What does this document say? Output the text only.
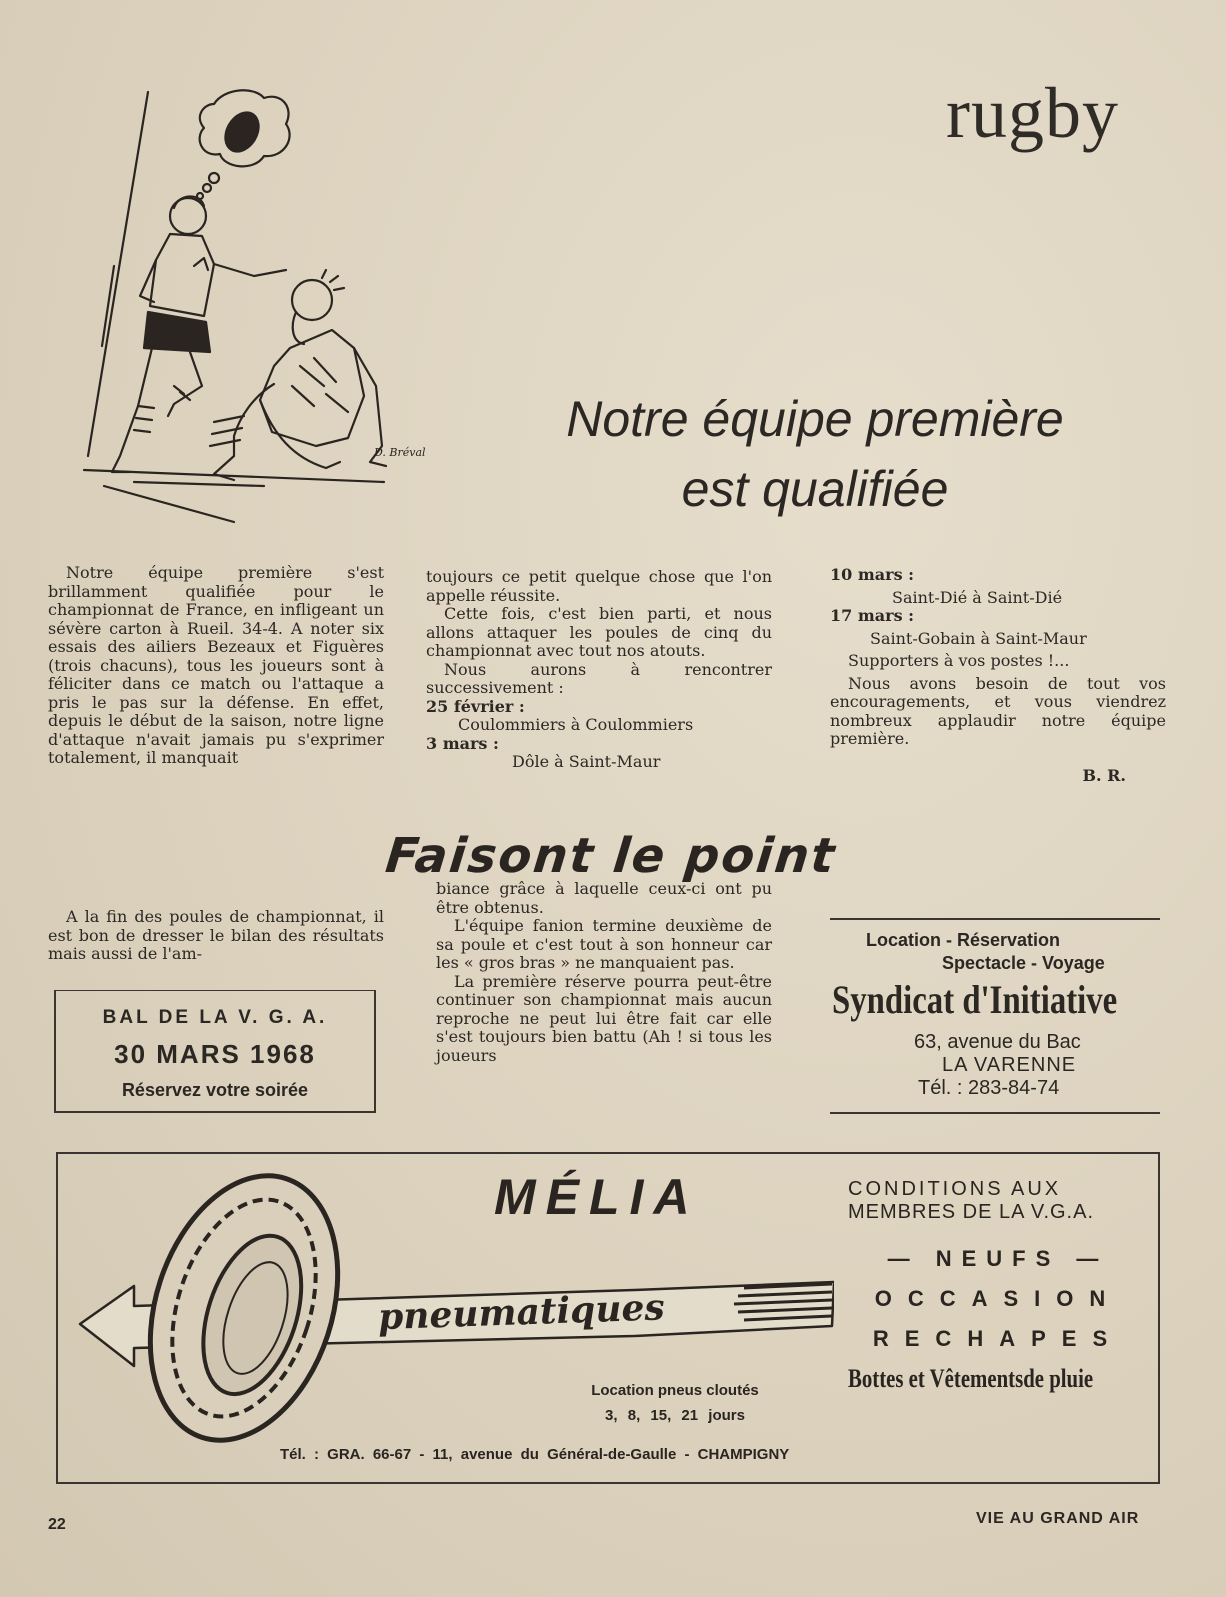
rugby
D. Bréval
Notre équipe première
est qualifiée

Notre équipe première s'est brillamment qualifiée pour le championnat de France, en infligeant un sévère carton à Rueil. 34-4. A noter six essais des ailiers Bezeaux et Figuères (trois chacuns), tous les joueurs sont à féliciter dans ce match ou l'attaque a pris le pas sur la défense. En effet, depuis le début de la saison, notre ligne d'attaque n'avait jamais pu s'exprimer totalement, il manquait

toujours ce petit quelque chose que l'on appelle réussite.

Cette fois, c'est bien parti, et nous allons attaquer les poules de cinq du championnat avec tout nos atouts.

Nous aurons à rencontrer successivement :

25 février :

Coulommiers à Coulommiers

3 mars :

Dôle à Saint-Maur

10 mars :

Saint-Dié à Saint-Dié

17 mars :

Saint-Gobain à Saint-Maur

Supporters à vos postes !...

Nous avons besoin de tout vos encouragements, et vous viendrez nombreux applaudir notre équipe première.

B. R.

Faisont le point

A la fin des poules de championnat, il est bon de dresser le bilan des résultats mais aussi de l'am-

biance grâce à laquelle ceux-ci ont pu être obtenus.

L'équipe fanion termine deuxième de sa poule et c'est tout à son honneur car les « gros bras » ne manquaient pas.

La première réserve pourra peut-être continuer son championnat mais aucun reproche ne peut lui être fait car elle s'est toujours bien battu (Ah ! si tous les joueurs

BAL DE LA V. G. A.
30 MARS 1968
Réservez votre soirée
Location - Réservation
Spectacle - Voyage
Syndicat d'Initiative
63, avenue du Bac
LA VARENNE
Tél. : 283-84-74
pneumatiques
MÉLIA
Location pneus cloutés
3, 8, 15, 21 jours
CONDITIONS AUX
MEMBRES DE LA V.G.A.
— NEUFS —
OCCASION
RECHAPES
Bottes et Vêtementsde pluie
Tél. : GRA. 66-67 - 11, avenue du Général-de-Gaulle - CHAMPIGNY
22	VIE AU GRAND AIR
